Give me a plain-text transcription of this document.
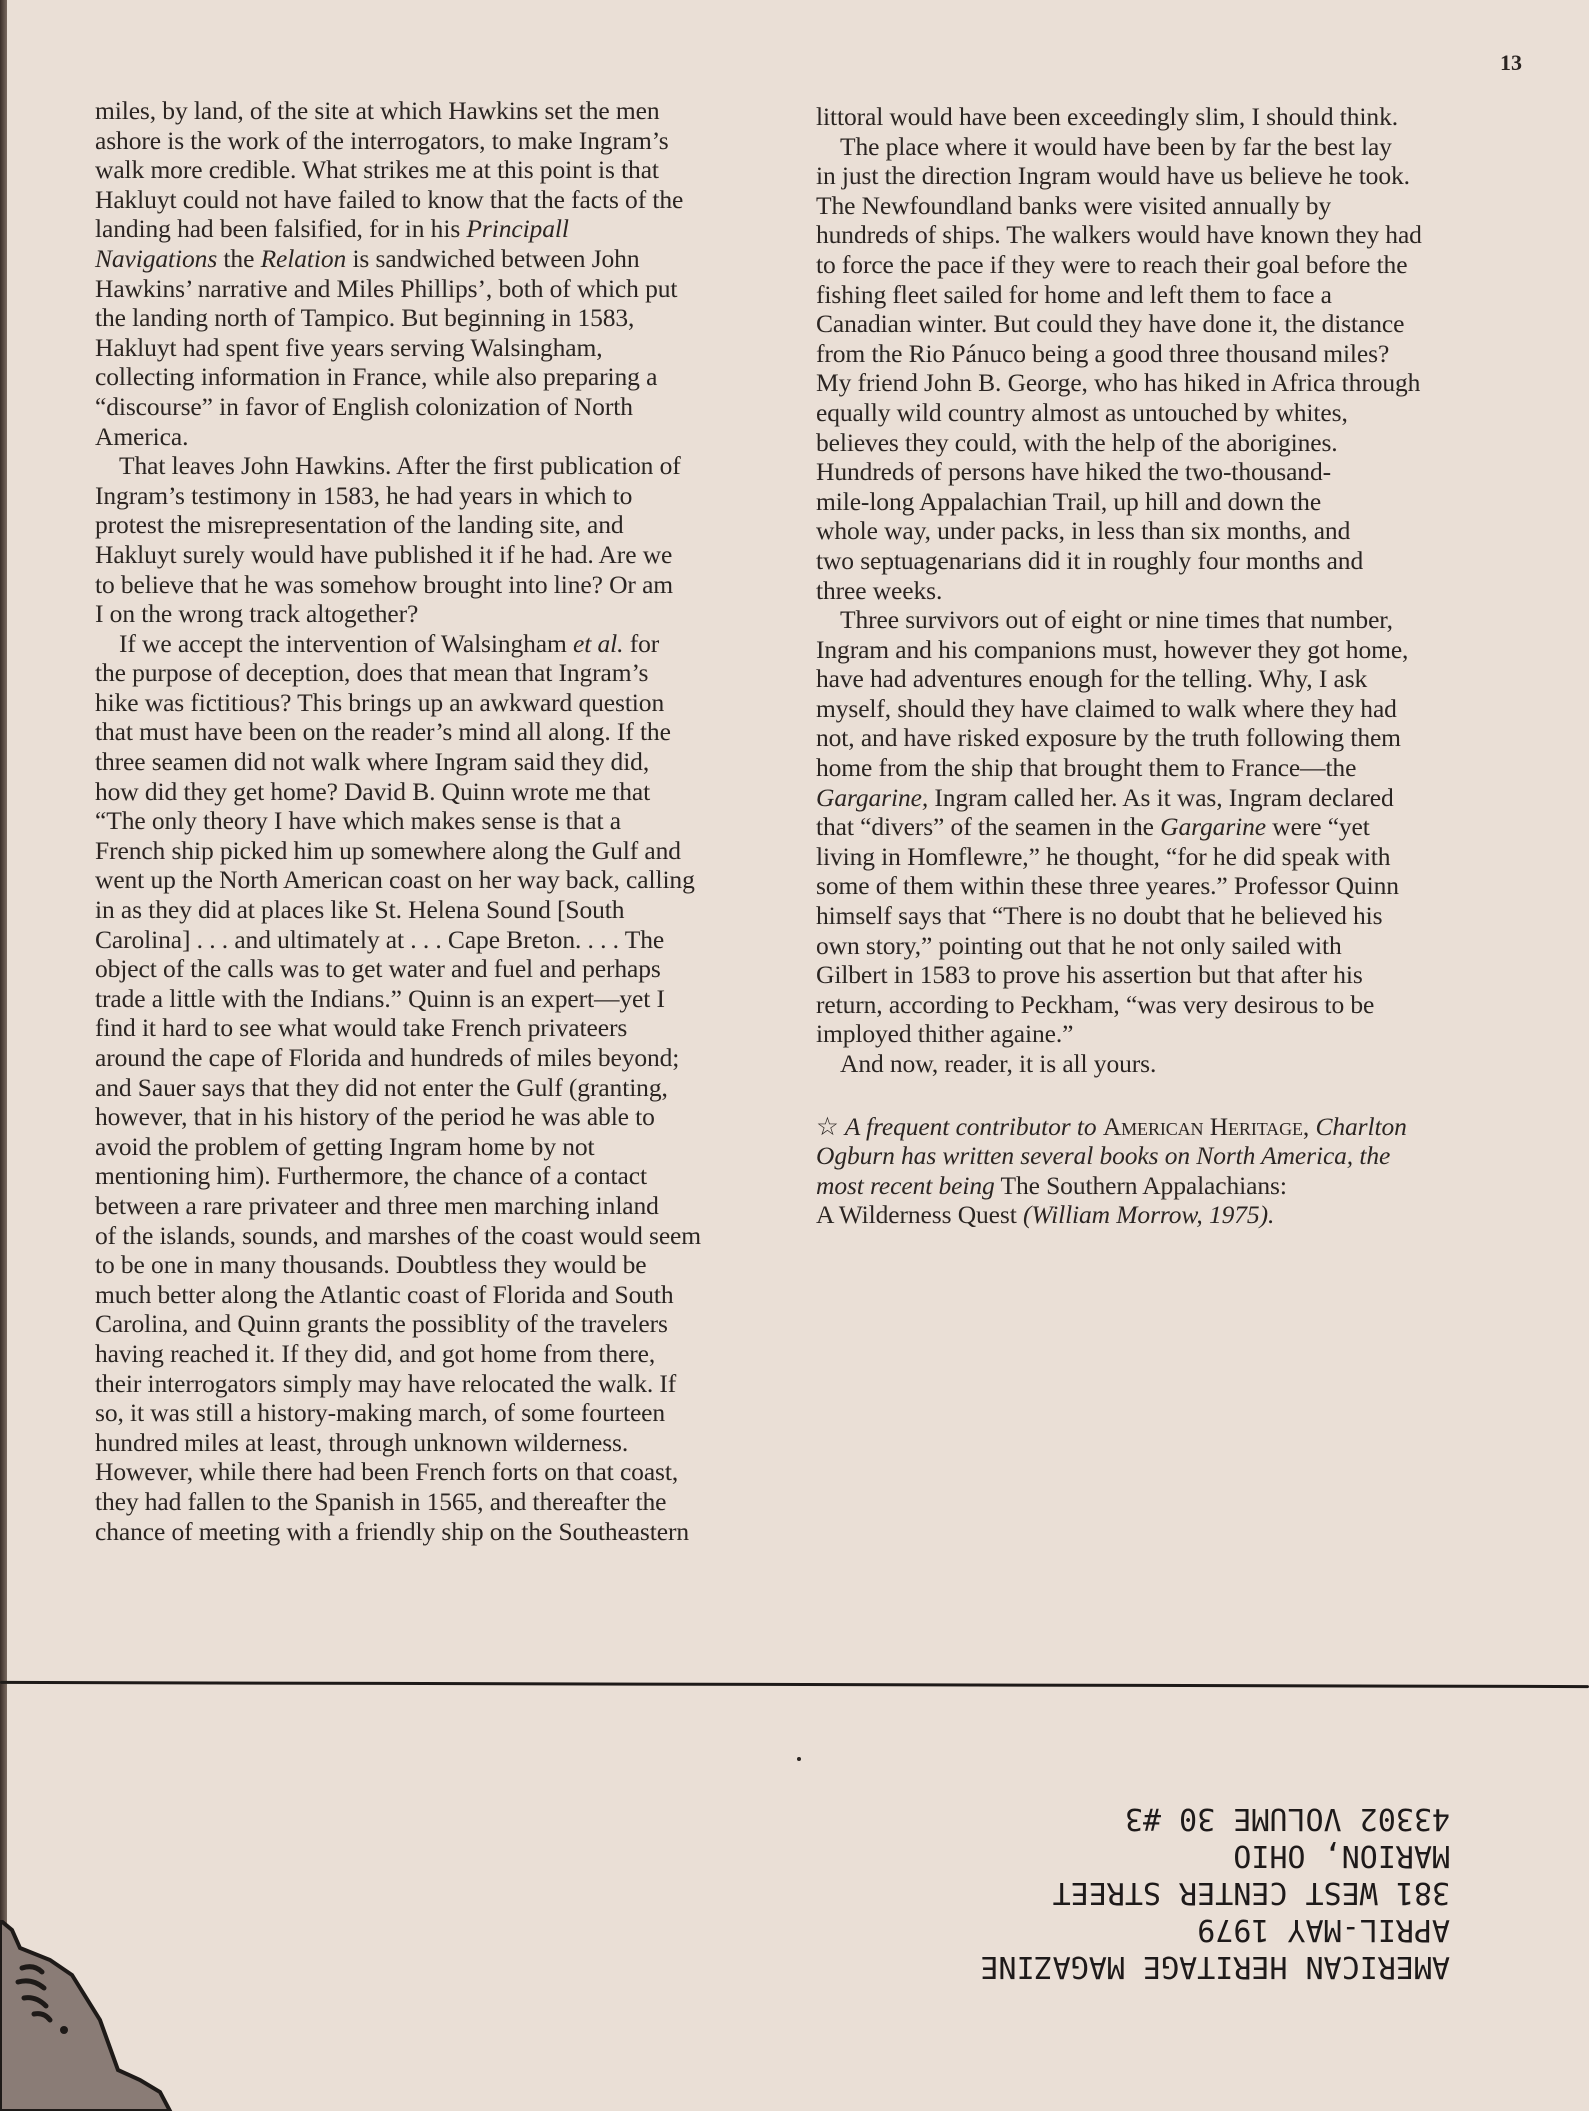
13
miles, by land, of the site at which Hawkins set the men
ashore is the work of the interrogators, to make Ingram’s
walk more credible. What strikes me at this point is that
Hakluyt could not have failed to know that the facts of the
landing had been falsified, for in his Principall
Navigations the Relation is sandwiched between John
Hawkins’ narrative and Miles Phillips’, both of which put
the landing north of Tampico. But beginning in 1583,
Hakluyt had spent five years serving Walsingham,
collecting information in France, while also preparing a
“discourse” in favor of English colonization of North
America.
That leaves John Hawkins. After the first publication of
Ingram’s testimony in 1583, he had years in which to
protest the misrepresentation of the landing site, and
Hakluyt surely would have published it if he had. Are we
to believe that he was somehow brought into line? Or am
I on the wrong track altogether?
If we accept the intervention of Walsingham et al. for
the purpose of deception, does that mean that Ingram’s
hike was fictitious? This brings up an awkward question
that must have been on the reader’s mind all along. If the
three seamen did not walk where Ingram said they did,
how did they get home? David B. Quinn wrote me that
“The only theory I have which makes sense is that a
French ship picked him up somewhere along the Gulf and
went up the North American coast on her way back, calling
in as they did at places like St. Helena Sound [South
Carolina] . . . and ultimately at . . . Cape Breton. . . . The
object of the calls was to get water and fuel and perhaps
trade a little with the Indians.” Quinn is an expert—yet I
find it hard to see what would take French privateers
around the cape of Florida and hundreds of miles beyond;
and Sauer says that they did not enter the Gulf (granting,
however, that in his history of the period he was able to
avoid the problem of getting Ingram home by not
mentioning him). Furthermore, the chance of a contact
between a rare privateer and three men marching inland
of the islands, sounds, and marshes of the coast would seem
to be one in many thousands. Doubtless they would be
much better along the Atlantic coast of Florida and South
Carolina, and Quinn grants the possiblity of the travelers
having reached it. If they did, and got home from there,
their interrogators simply may have relocated the walk. If
so, it was still a history-making march, of some fourteen
hundred miles at least, through unknown wilderness.
However, while there had been French forts on that coast,
they had fallen to the Spanish in 1565, and thereafter the
chance of meeting with a friendly ship on the Southeastern
littoral would have been exceedingly slim, I should think.
The place where it would have been by far the best lay
in just the direction Ingram would have us believe he took.
The Newfoundland banks were visited annually by
hundreds of ships. The walkers would have known they had
to force the pace if they were to reach their goal before the
fishing fleet sailed for home and left them to face a
Canadian winter. But could they have done it, the distance
from the Rio Pánuco being a good three thousand miles?
My friend John B. George, who has hiked in Africa through
equally wild country almost as untouched by whites,
believes they could, with the help of the aborigines.
Hundreds of persons have hiked the two-thousand-
mile-long Appalachian Trail, up hill and down the
whole way, under packs, in less than six months, and
two septuagenarians did it in roughly four months and
three weeks.
Three survivors out of eight or nine times that number,
Ingram and his companions must, however they got home,
have had adventures enough for the telling. Why, I ask
myself, should they have claimed to walk where they had
not, and have risked exposure by the truth following them
home from the ship that brought them to France—the
Gargarine, Ingram called her. As it was, Ingram declared
that “divers” of the seamen in the Gargarine were “yet
living in Homflewre,” he thought, “for he did speak with
some of them within these three yeares.” Professor Quinn
himself says that “There is no doubt that he believed his
own story,” pointing out that he not only sailed with
Gilbert in 1583 to prove his assertion but that after his
return, according to Peckham, “was very desirous to be
imployed thither againe.”
And now, reader, it is all yours.
☆ A frequent contributor to American Heritage, Charlton
Ogburn has written several books on North America, the
most recent being The Southern Appalachians:
A Wilderness Quest (William Morrow, 1975).
AMERICAN HERITAGE MAGAZINE
APRIL-MAY 1979
381 WEST CENTER STREET
MARION, OHIO
43302 VOLUME 30 #3
